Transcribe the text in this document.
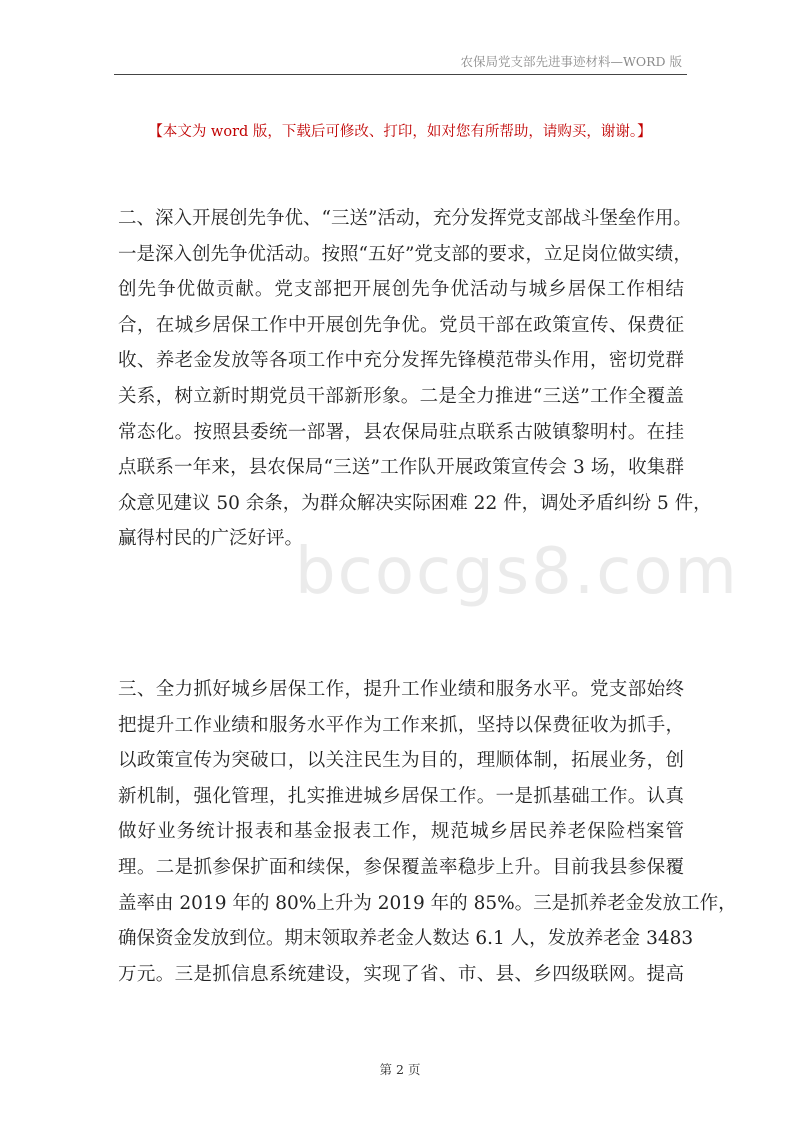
农保局党支部先进事迹材料—WORD 版
【本文为 word 版，下载后可修改、打印，如对您有所帮助，请购买，谢谢。】
bcocgs8.com
二、深入开展创先争优、“三送”活动，充分发挥党支部战斗堡垒作用。
一是深入创先争优活动。按照“五好”党支部的要求，立足岗位做实绩，
创先争优做贡献。党支部把开展创先争优活动与城乡居保工作相结
合，在城乡居保工作中开展创先争优。党员干部在政策宣传、保费征
收、养老金发放等各项工作中充分发挥先锋模范带头作用，密切党群
关系，树立新时期党员干部新形象。二是全力推进“三送”工作全覆盖
常态化。按照县委统一部署，县农保局驻点联系古陂镇黎明村。在挂
点联系一年来，县农保局“三送”工作队开展政策宣传会 3 场，收集群
众意见建议 50 余条，为群众解决实际困难 22 件，调处矛盾纠纷 5 件，
赢得村民的广泛好评。
三、全力抓好城乡居保工作，提升工作业绩和服务水平。党支部始终
把提升工作业绩和服务水平作为工作来抓，坚持以保费征收为抓手，
以政策宣传为突破口，以关注民生为目的，理顺体制，拓展业务，创
新机制，强化管理，扎实推进城乡居保工作。一是抓基础工作。认真
做好业务统计报表和基金报表工作，规范城乡居民养老保险档案管
理。二是抓参保扩面和续保，参保覆盖率稳步上升。目前我县参保覆
盖率由 2019 年的 80%上升为 2019 年的 85%。三是抓养老金发放工作，
确保资金发放到位。期末领取养老金人数达 6.1 人，发放养老金 3483
万元。三是抓信息系统建设，实现了省、市、县、乡四级联网。提高
第 2 页
